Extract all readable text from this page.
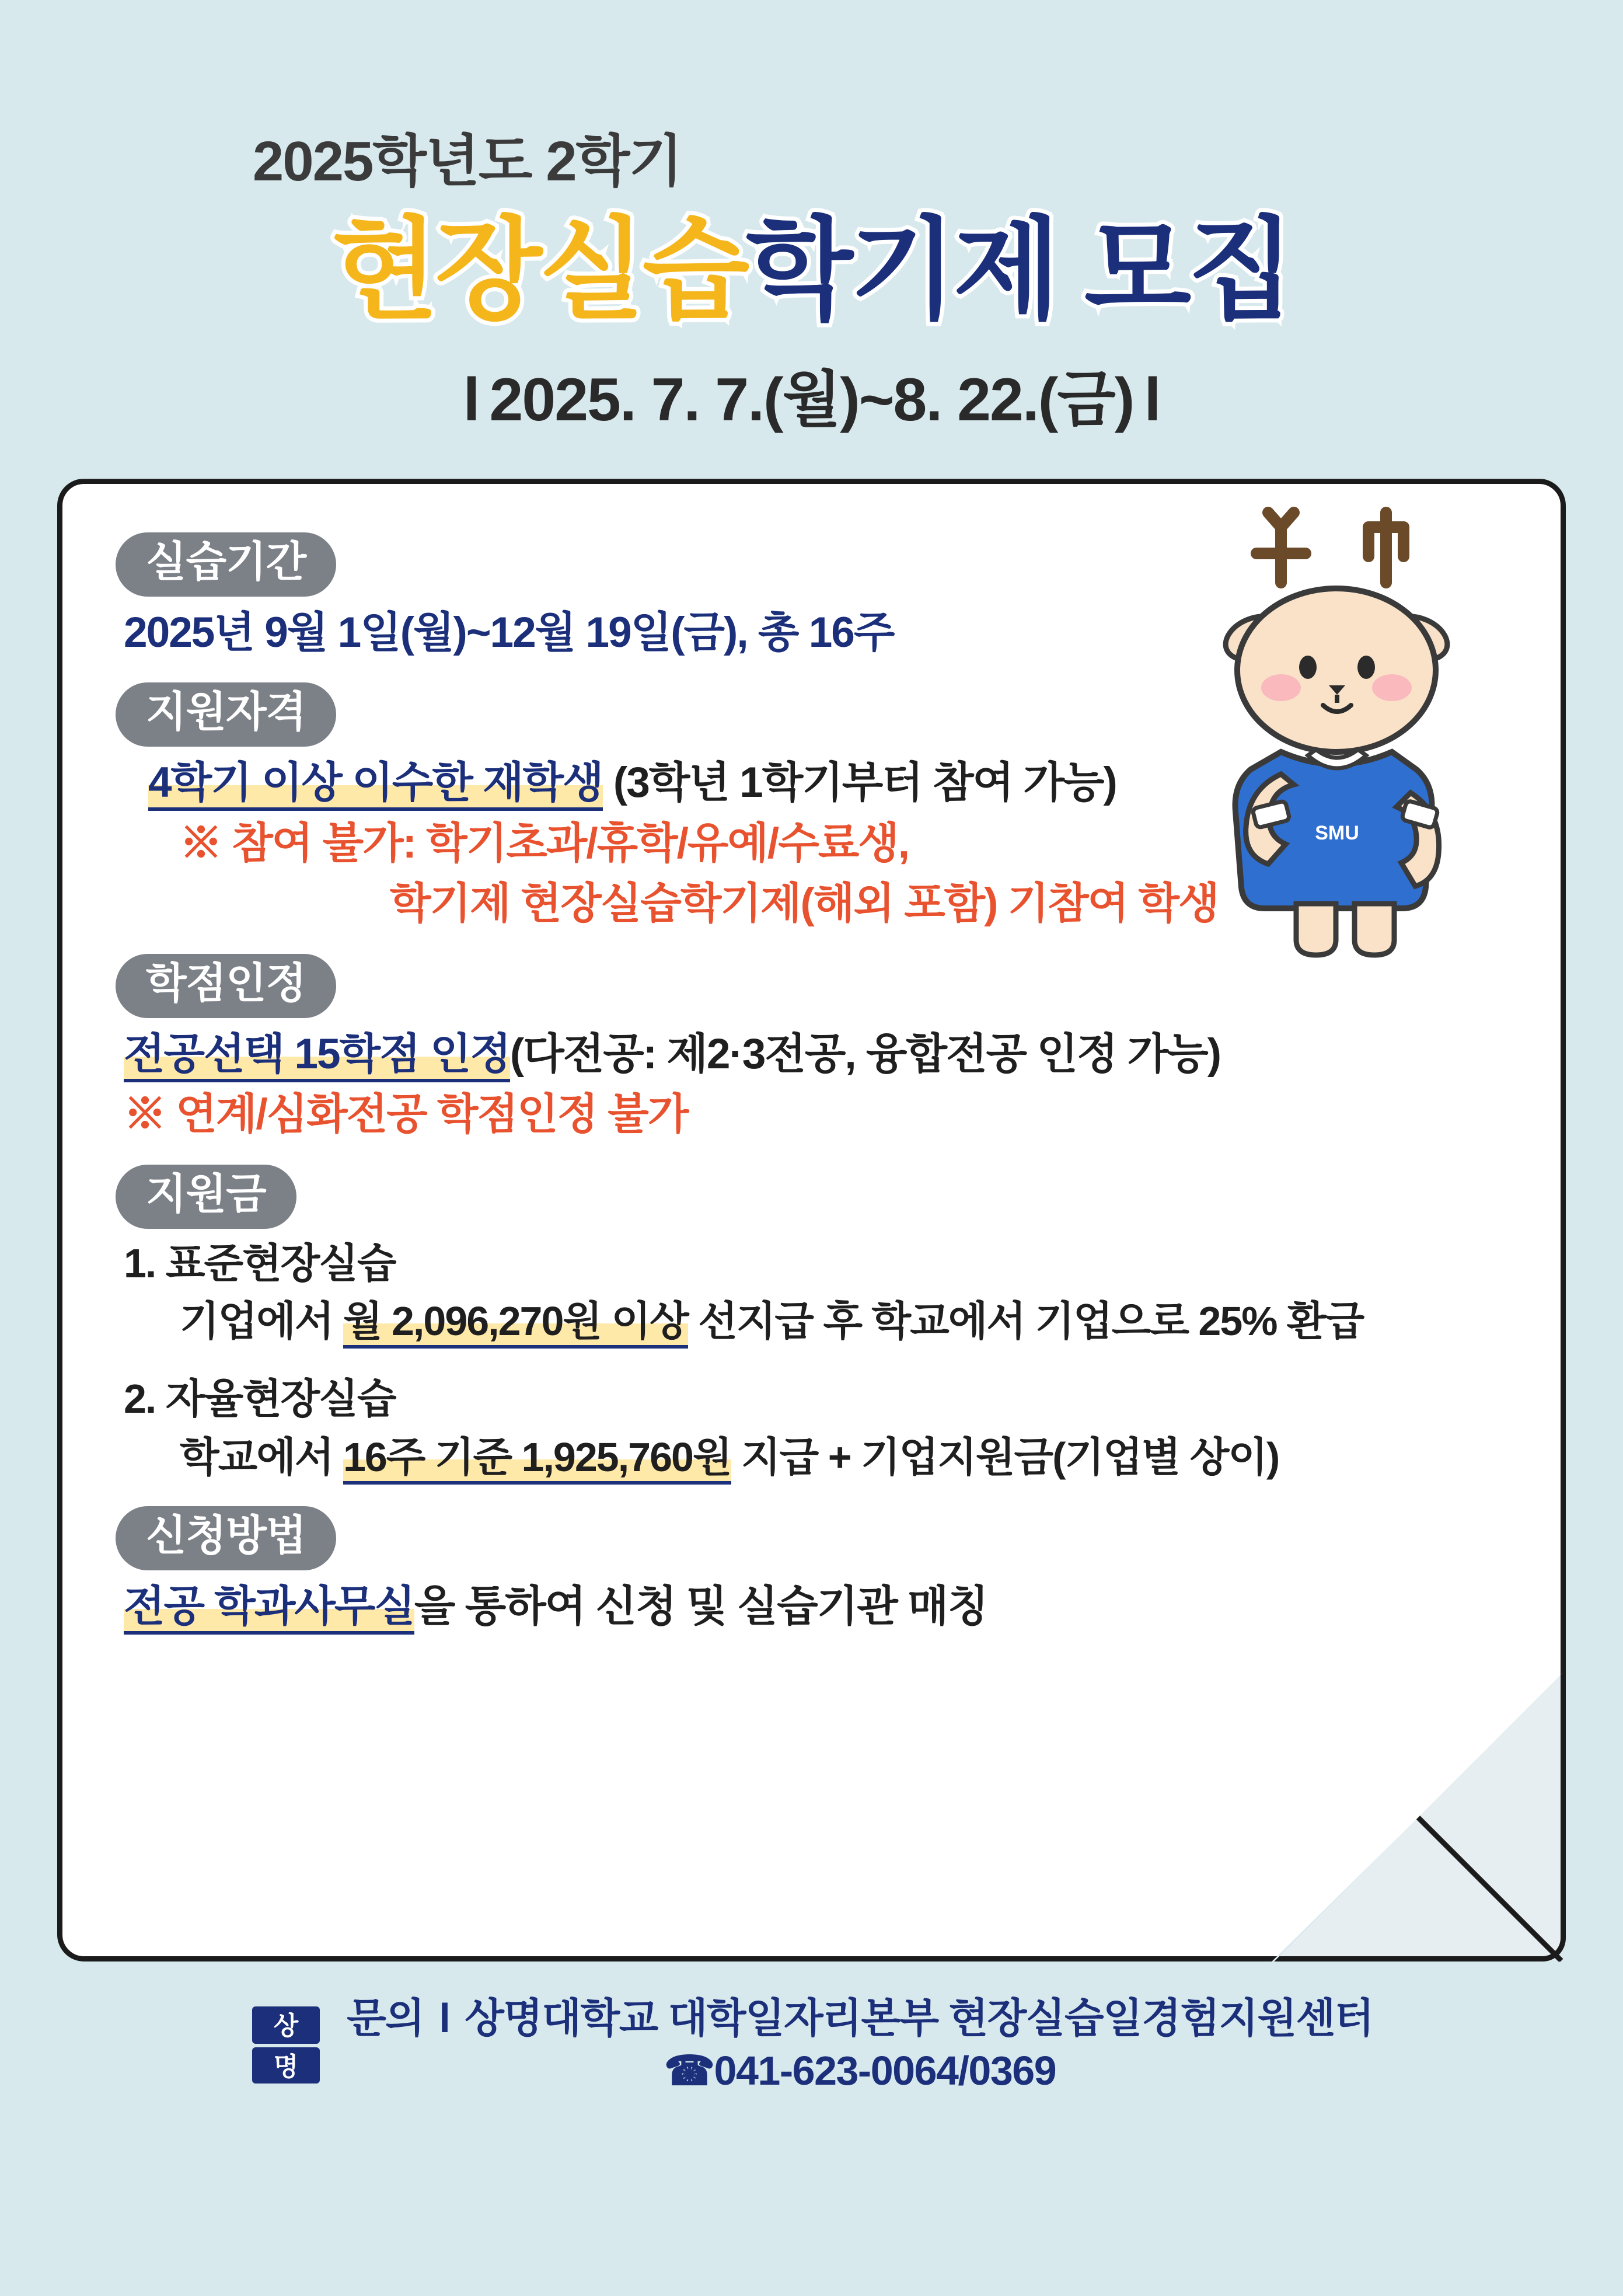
2025학년도 2학기
현장실습학기제 모집
l 2025. 7. 7.(월)~8. 22.(금) l
실습기간
2025년 9월 1일(월)~12월 19일(금), 총 16주
지원자격
4학기 이상 이수한 재학생 (3학년 1학기부터 참여 가능)
※ 참여 불가: 학기초과/휴학/유예/수료생,
학기제 현장실습학기제(해외 포함) 기참여 학생
학점인정
전공선택 15학점 인정(다전공: 제2·3전공, 융합전공 인정 가능)
※ 연계/심화전공 학점인정 불가
지원금
1. 표준현장실습
기업에서 월 2,096,270원 이상 선지급 후 학교에서 기업으로 25% 환급
2. 자율현장실습
학교에서 16주 기준 1,925,760원 지급 + 기업지원금(기업별 상이)
신청방법
전공 학과사무실을 통하여 신청 및 실습기관 매칭
SMU
상
명
문의 l 상명대학교 대학일자리본부 현장실습일경험지원센터
☎041-623-0064/0369
